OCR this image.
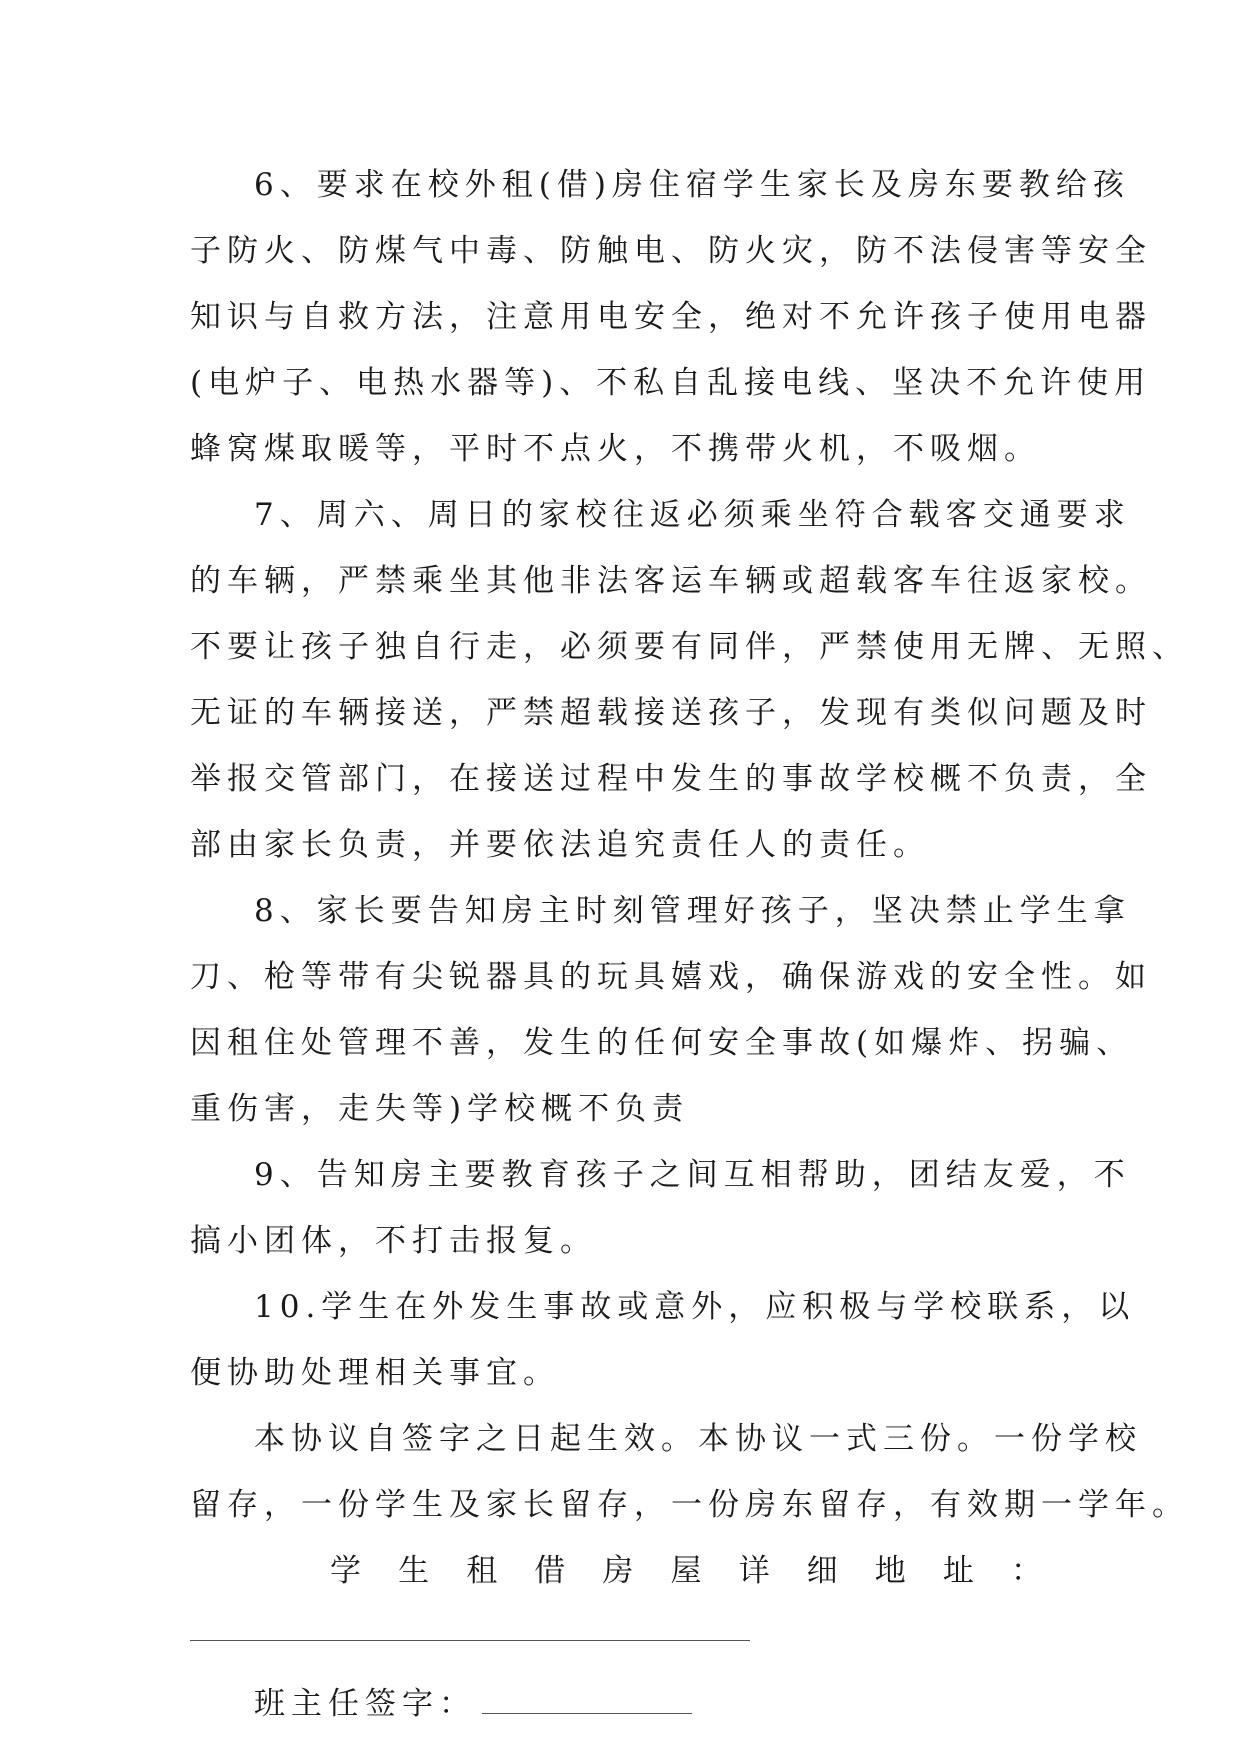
6、要求在校外租(借)房住宿学生家长及房东要教给孩
子防火、防煤气中毒、防触电、防火灾，防不法侵害等安全
知识与自救方法，注意用电安全，绝对不允许孩子使用电器
(电炉子、电热水器等)、不私自乱接电线、坚决不允许使用
蜂窝煤取暖等，平时不点火，不携带火机，不吸烟。
7、周六、周日的家校往返必须乘坐符合载客交通要求
的车辆，严禁乘坐其他非法客运车辆或超载客车往返家校。
不要让孩子独自行走，必须要有同伴，严禁使用无牌、无照、
无证的车辆接送，严禁超载接送孩子，发现有类似问题及时
举报交管部门，在接送过程中发生的事故学校概不负责，全
部由家长负责，并要依法追究责任人的责任。
8、家长要告知房主时刻管理好孩子，坚决禁止学生拿
刀、枪等带有尖锐器具的玩具嬉戏，确保游戏的安全性。如
因租住处管理不善，发生的任何安全事故(如爆炸、拐骗、
重伤害，走失等)学校概不负责
9、告知房主要教育孩子之间互相帮助，团结友爱，不
搞小团体，不打击报复。
10.学生在外发生事故或意外，应积极与学校联系，以
便协助处理相关事宜。
本协议自签字之日起生效。本协议一式三份。一份学校
留存，一份学生及家长留存，一份房东留存，有效期一学年。
学 生 租 借 房 屋 详 细 地 址 ：
班主任签字：
